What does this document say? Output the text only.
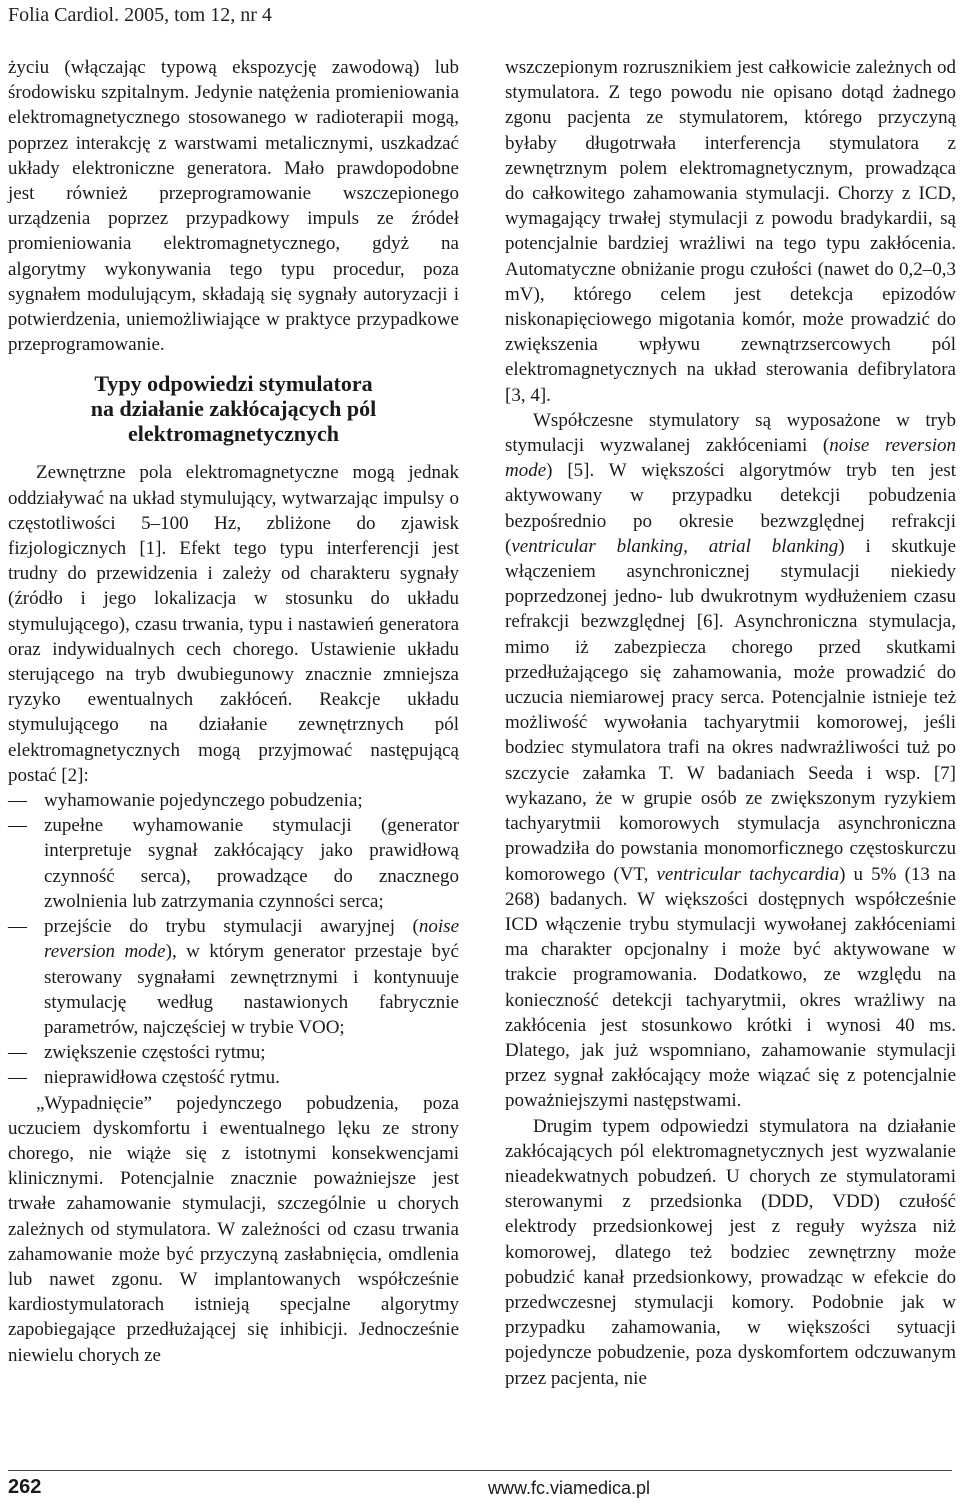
Folia Cardiol. 2005, tom 12, nr 4

życiu (włączając typową ekspozycję zawodową) lub środowisku szpitalnym. Jedynie natężenia promieniowania elektromagnetycznego stosowanego w radioterapii mogą, poprzez interakcję z warstwami metalicznymi, uszkadzać układy elektroniczne generatora. Mało prawdopodobne jest również przeprogramowanie wszczepionego urządzenia poprzez przypadkowy impuls ze źródeł promieniowania elektromagnetycznego, gdyż na algorytmy wykonywania tego typu procedur, poza sygnałem modulującym, składają się sygnały autoryzacji i potwierdzenia, uniemożliwiające w praktyce przypadkowe przeprogramowanie.

Typy odpowiedzi stymulatora
na działanie zakłócających pól
elektromagnetycznych

Zewnętrzne pola elektromagnetyczne mogą jednak oddziaływać na układ stymulujący, wytwarzając impulsy o częstotliwości 5–100 Hz, zbliżone do zjawisk fizjologicznych [1]. Efekt tego typu interferencji jest trudny do przewidzenia i zależy od charakteru sygnały (źródło i jego lokalizacja w stosunku do układu stymulującego), czasu trwania, typu i nastawień generatora oraz indywidualnych cech chorego. Ustawienie układu sterującego na tryb dwubiegunowy znacznie zmniejsza ryzyko ewentualnych zakłóceń. Reakcje układu stymulującego na działanie zewnętrznych pól elektromagnetycznych mogą przyjmować następującą postać [2]:

— wyhamowanie pojedynczego pobudzenia;
— zupełne wyhamowanie stymulacji (generator interpretuje sygnał zakłócający jako prawidłową czynność serca), prowadzące do znacznego zwolnienia lub zatrzymania czynności serca;
— przejście do trybu stymulacji awaryjnej (noise reversion mode), w którym generator przestaje być sterowany sygnałami zewnętrznymi i kontynuuje stymulację według nastawionych fabrycznie parametrów, najczęściej w trybie VOO;
— zwiększenie częstości rytmu;
— nieprawidłowa częstość rytmu.

„Wypadnięcie” pojedynczego pobudzenia, poza uczuciem dyskomfortu i ewentualnego lęku ze strony chorego, nie wiąże się z istotnymi konsekwencjami klinicznymi. Potencjalnie znacznie poważniejsze jest trwałe zahamowanie stymulacji, szczególnie u chorych zależnych od stymulatora. W zależności od czasu trwania zahamowanie może być przyczyną zasłabnięcia, omdlenia lub nawet zgonu. W implantowanych współcześnie kardiostymulatorach istnieją specjalne algorytmy zapobiegające przedłużającej się inhibicji. Jednocześnie niewielu chorych ze

wszczepionym rozrusznikiem jest całkowicie zależnych od stymulatora. Z tego powodu nie opisano dotąd żadnego zgonu pacjenta ze stymulatorem, którego przyczyną byłaby długotrwała interferencja stymulatora z zewnętrznym polem elektromagnetycznym, prowadząca do całkowitego zahamowania stymulacji. Chorzy z ICD, wymagający trwałej stymulacji z powodu bradykardii, są potencjalnie bardziej wrażliwi na tego typu zakłócenia. Automatyczne obniżanie progu czułości (nawet do 0,2–0,3 mV), którego celem jest detekcja epizodów niskonapięciowego migotania komór, może prowadzić do zwiększenia wpływu zewnątrzsercowych pól elektromagnetycznych na układ sterowania defibrylatora [3, 4].

Współczesne stymulatory są wyposażone w tryb stymulacji wyzwalanej zakłóceniami (noise reversion mode) [5]. W większości algorytmów tryb ten jest aktywowany w przypadku detekcji pobudzenia bezpośrednio po okresie bezwzględnej refrakcji (ventricular blanking, atrial blanking) i skutkuje włączeniem asynchronicznej stymulacji niekiedy poprzedzonej jedno- lub dwukrotnym wydłużeniem czasu refrakcji bezwzględnej [6]. Asynchroniczna stymulacja, mimo iż zabezpiecza chorego przed skutkami przedłużającego się zahamowania, może prowadzić do uczucia niemiarowej pracy serca. Potencjalnie istnieje też możliwość wywołania tachyarytmii komorowej, jeśli bodziec stymulatora trafi na okres nadwrażliwości tuż po szczycie załamka T. W badaniach Seeda i wsp. [7] wykazano, że w grupie osób ze zwiększonym ryzykiem tachyarytmii komorowych stymulacja asynchroniczna prowadziła do powstania monomorficznego częstoskurczu komorowego (VT, ventricular tachycardia) u 5% (13 na 268) badanych. W większości dostępnych współcześnie ICD włączenie trybu stymulacji wywołanej zakłóceniami ma charakter opcjonalny i może być aktywowane w trakcie programowania. Dodatkowo, ze względu na konieczność detekcji tachyarytmii, okres wrażliwy na zakłócenia jest stosunkowo krótki i wynosi 40 ms. Dlatego, jak już wspomniano, zahamowanie stymulacji przez sygnał zakłócający może wiązać się z potencjalnie poważniejszymi następstwami.

Drugim typem odpowiedzi stymulatora na działanie zakłócających pól elektromagnetycznych jest wyzwalanie nieadekwatnych pobudzeń. U chorych ze stymulatorami sterowanymi z przedsionka (DDD, VDD) czułość elektrody przedsionkowej jest z reguły wyższa niż komorowej, dlatego też bodziec zewnętrzny może pobudzić kanał przedsionkowy, prowadząc w efekcie do przedwczesnej stymulacji komory. Podobnie jak w przypadku zahamowania, w większości sytuacji pojedyncze pobudzenie, poza dyskomfortem odczuwanym przez pacjenta, nie

262	www.fc.viamedica.pl
